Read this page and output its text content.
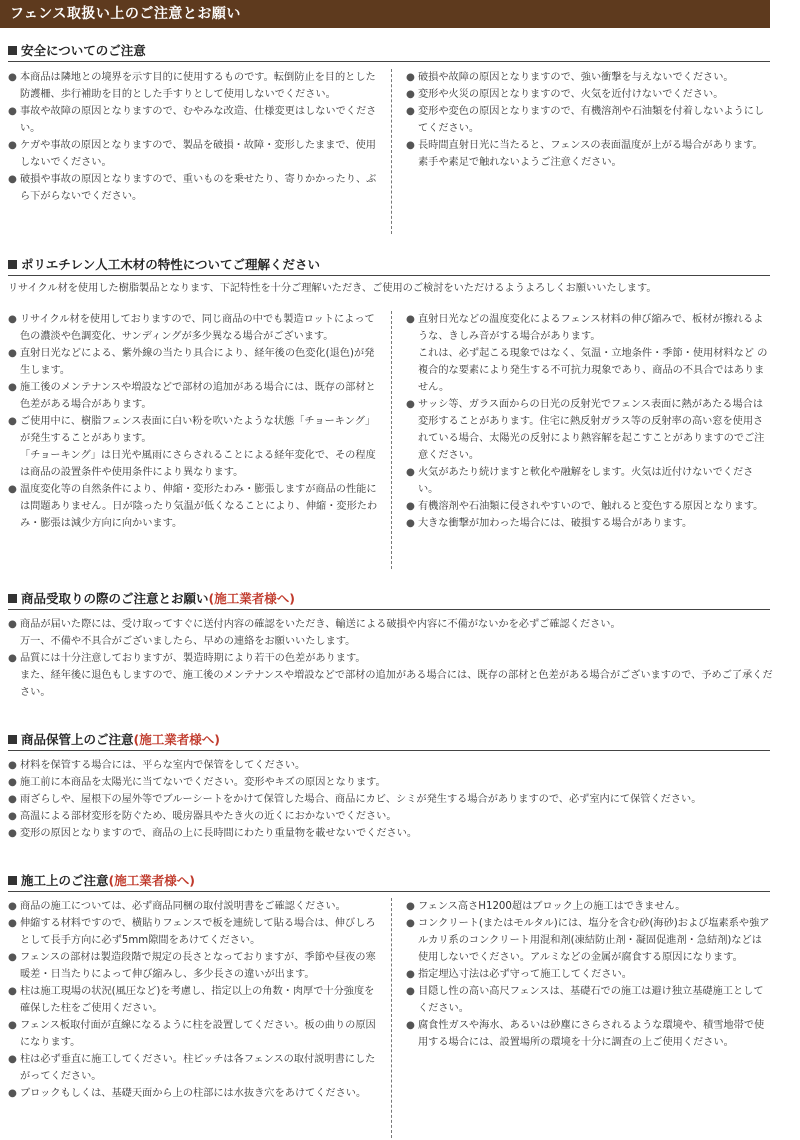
フェンス取扱い上のご注意とお願い
安全についてのご注意
● 本商品は隣地との境界を示す目的に使用するものです。転倒防止を目的とした防護柵、歩行補助を目的とした手すりとして使用しないでください。
● 事故や故障の原因となりますので、むやみな改造、仕様変更はしないでください。
● ケガや事故の原因となりますので、製品を破損・故障・変形したままで、使用しないでください。
● 破損や事故の原因となりますので、重いものを乗せたり、寄りかかったり、ぶら下がらないでください。
● 破損や故障の原因となりますので、強い衝撃を与えないでください。
● 変形や火災の原因となりますので、火気を近付けないでください。
● 変形や変色の原因となりますので、有機溶剤や石油類を付着しないようにしてください。
● 長時間直射日光に当たると、フェンスの表面温度が上がる場合があります。素手や素足で触れないようご注意ください。
ポリエチレン人工木材の特性についてご理解ください
リサイクル材を使用した樹脂製品となります、下記特性を十分ご理解いただき、ご使用のご検討をいただけるようよろしくお願いいたします。
● リサイクル材を使用しておりますので、同じ商品の中でも製造ロットによって色の濃淡や色調変化、サンディングが多少異なる場合がございます。
● 直射日光などによる、紫外線の当たり具合により、経年後の色変化(退色)が発生します。
● 施工後のメンテナンスや増設などで部材の追加がある場合には、既存の部材と色差がある場合があります。
● ご使用中に、樹脂フェンス表面に白い粉を吹いたような状態「チョーキング」が発生することがあります。
「チョーキング」は日光や風雨にさらされることによる経年変化で、その程度は商品の設置条件や使用条件により異なります。
● 温度変化等の自然条件により、伸縮・変形たわみ・膨張しますが商品の性能には問題ありません。日が陰ったり気温が低くなることにより、伸縮・変形たわみ・膨張は減少方向に向かいます。
● 直射日光などの温度変化によるフェンス材料の伸び縮みで、板材が擦れるような、きしみ音がする場合があります。
これは、必ず起こる現象ではなく、気温・立地条件・季節・使用材料など の複合的な要素により発生する不可抗力現象であり、商品の不具合ではありません。
● サッシ等、ガラス面からの日光の反射光でフェンス表面に熱があたる場合は変形することがあります。住宅に熱反射ガラス等の反射率の高い窓を使用されている場合、太陽光の反射により熱容解を起こすことがありますのでご注意ください。
● 火気があたり続けますと軟化や融解をします。火気は近付けないでください。
● 有機溶剤や石油類に侵されやすいので、触れると変色する原因となります。
● 大きな衝撃が加わった場合には、破損する場合があります。
商品受取りの際のご注意とお願い(施工業者様へ)
● 商品が届いた際には、受け取ってすぐに送付内容の確認をいただき、輸送による破損や内容に不備がないかを必ずご確認ください。
万一、不備や不具合がございましたら、早めの連絡をお願いいたします。
● 品質には十分注意しておりますが、製造時期により若干の色差があります。
また、経年後に退色もしますので、施工後のメンテナンスや増設などで部材の追加がある場合には、既存の部材と色差がある場合がございますので、予めご了承ください。
商品保管上のご注意(施工業者様へ)
● 材料を保管する場合には、平らな室内で保管をしてください。
● 施工前に本商品を太陽光に当てないでください。変形やキズの原因となります。
● 雨ざらしや、屋根下の屋外等でブルーシートをかけて保管した場合、商品にカビ、シミが発生する場合がありますので、必ず室内にて保管ください。
● 高温による部材変形を防ぐため、暖房器具やたき火の近くにおかないでください。
● 変形の原因となりますので、商品の上に長時間にわたり重量物を載せないでください。
施工上のご注意(施工業者様へ)
● 商品の施工については、必ず商品同梱の取付説明書をご確認ください。
● 伸縮する材料ですので、横貼りフェンスで板を連続して貼る場合は、伸びしろとして長手方向に必ず5mm隙間をあけてください。
● フェンスの部材は製造段階で規定の長さとなっておりますが、季節や昼夜の寒暖差・日当たりによって伸び縮みし、多少長さの違いが出ます。
● 柱は施工現場の状況(風圧など)を考慮し、指定以上の角数・肉厚で十分強度を確保した柱をご使用ください。
● フェンス板取付面が直線になるように柱を設置してください。板の曲りの原因になります。
● 柱は必ず垂直に施工してください。柱ピッチは各フェンスの取付説明書にしたがってください。
● ブロックもしくは、基礎天面から上の柱部には水抜き穴をあけてください。
● フェンス高さH1200超はブロック上の施工はできません。
● コンクリート(またはモルタル)には、塩分を含む砂(海砂)および塩素系や強アルカリ系のコンクリート用混和剤(凍結防止剤・凝固促進剤・急結剤)などは使用しないでください。アルミなどの金属が腐食する原因になります。
● 指定埋込寸法は必ず守って施工してください。
● 目隠し性の高い高尺フェンスは、基礎石での施工は避け独立基礎施工としてください。
● 腐食性ガスや海水、あるいは砂塵にさらされるような環境や、積雪地帯で使用する場合には、設置場所の環境を十分に調査の上ご使用ください。
